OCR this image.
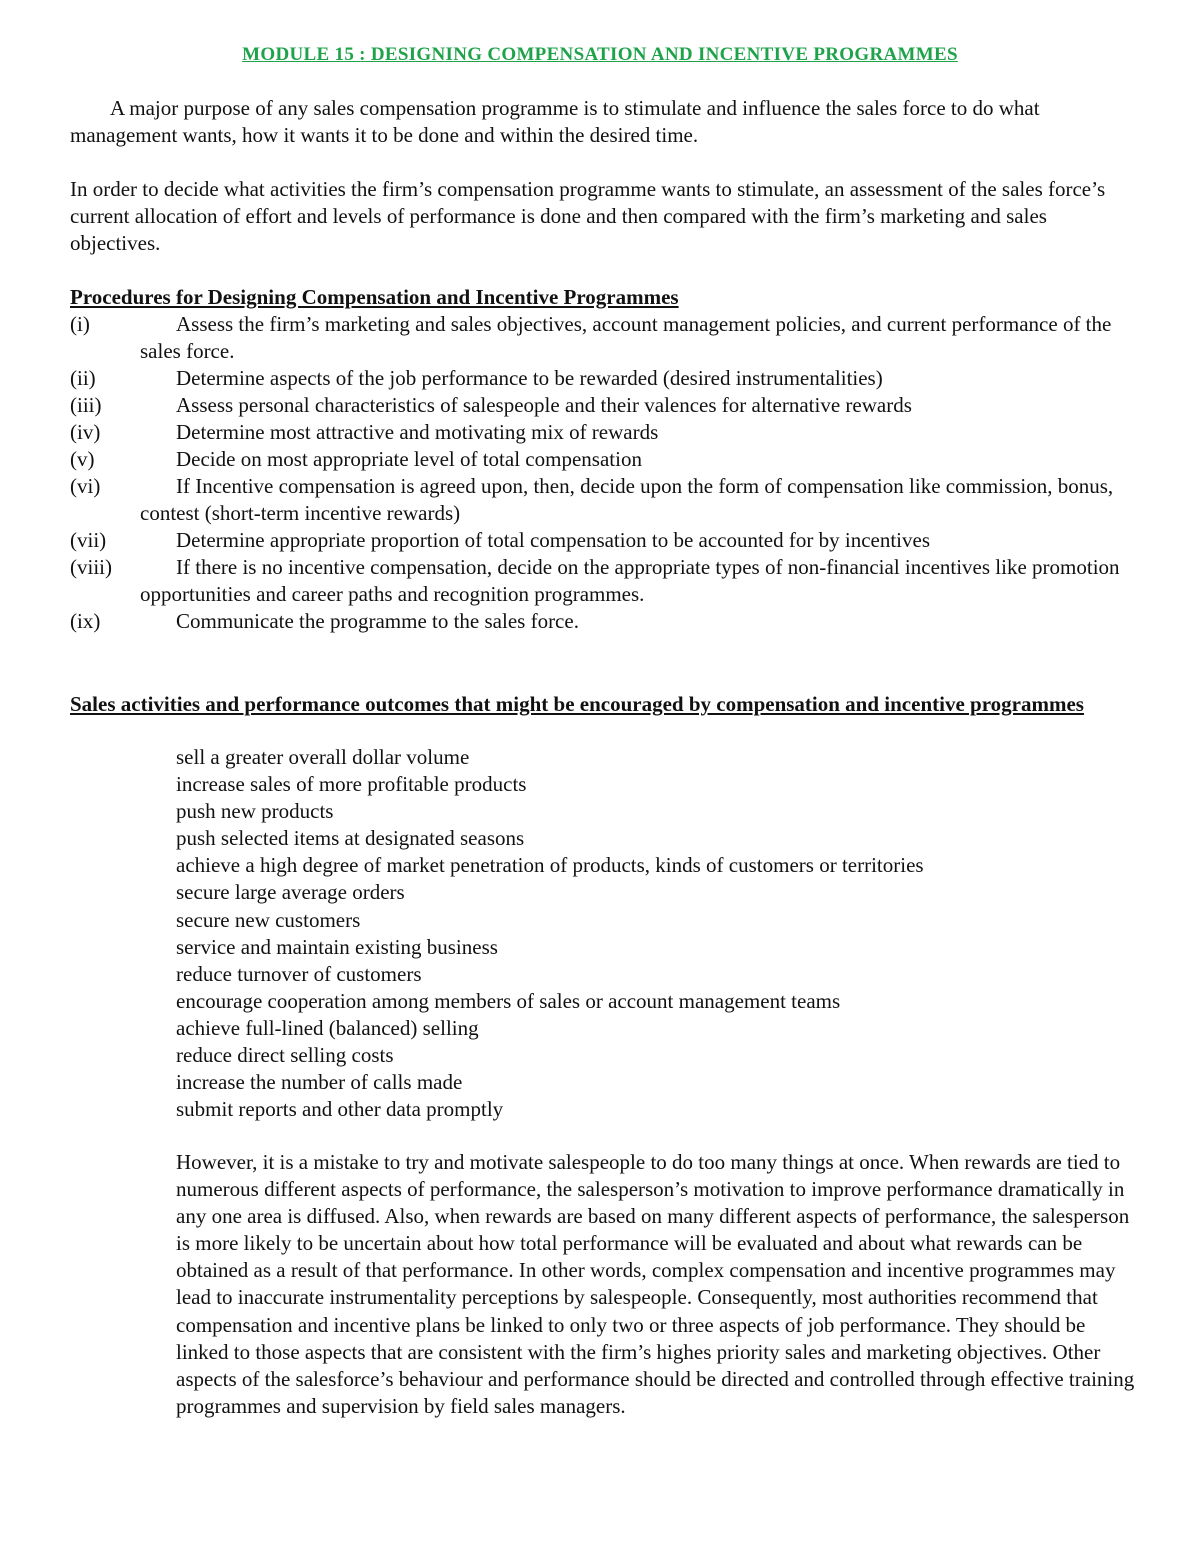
MODULE 15 : DESIGNING COMPENSATION AND INCENTIVE PROGRAMMES
A major purpose of any sales compensation programme is to stimulate and influence the sales force to do what management wants, how it wants it to be done and within the desired time.
In order to decide what activities the firm’s compensation programme wants to stimulate, an assessment of the sales force’s current allocation of effort and levels of performance is done and then compared with the firm’s marketing and sales objectives.
Procedures for Designing Compensation and Incentive Programmes
(i)	Assess the firm’s marketing and sales objectives, account management policies, and current performance of the sales force.
(ii)	Determine aspects of the job performance to be rewarded (desired instrumentalities)
(iii)	Assess personal characteristics of salespeople and their valences for alternative rewards
(iv)	Determine most attractive and motivating mix of rewards
(v)	Decide on most appropriate level of total compensation
(vi)	If Incentive compensation is agreed upon, then, decide upon the form of compensation like commission, bonus, contest (short-term incentive rewards)
(vii)	Determine appropriate proportion of total compensation to be accounted for by incentives
(viii)	If there is no incentive compensation, decide on the appropriate types of non-financial incentives like promotion opportunities and career paths and recognition programmes.
(ix)	Communicate the programme to the sales force.
Sales activities and performance outcomes that might be encouraged by compensation and incentive programmes
sell a greater overall dollar volume
increase sales of more profitable products
push new products
push selected items at designated seasons
achieve a high degree of market penetration of products, kinds of customers or territories
secure large average orders
secure new customers
service and maintain existing business
reduce turnover of customers
encourage cooperation among members of sales or account management teams
achieve full-lined (balanced) selling
reduce direct selling costs
increase the number of calls made
submit reports and other data promptly
However, it is a mistake to try and motivate salespeople to do too many things at once. When rewards are tied to numerous different aspects of performance, the salesperson’s motivation to improve performance dramatically in any one area is diffused. Also, when rewards are based on many different aspects of performance, the salesperson is more likely to be uncertain about how total performance will be evaluated and about what rewards can be obtained as a result of that performance. In other words, complex compensation and incentive programmes may lead to inaccurate instrumentality perceptions by salespeople. Consequently, most authorities recommend that compensation and incentive plans be linked to only two or three aspects of job performance. They should be linked to those aspects that are consistent with the firm’s highes priority sales and marketing objectives. Other aspects of the salesforce’s behaviour and performance should be directed and controlled through effective training programmes and supervision by field sales managers.
